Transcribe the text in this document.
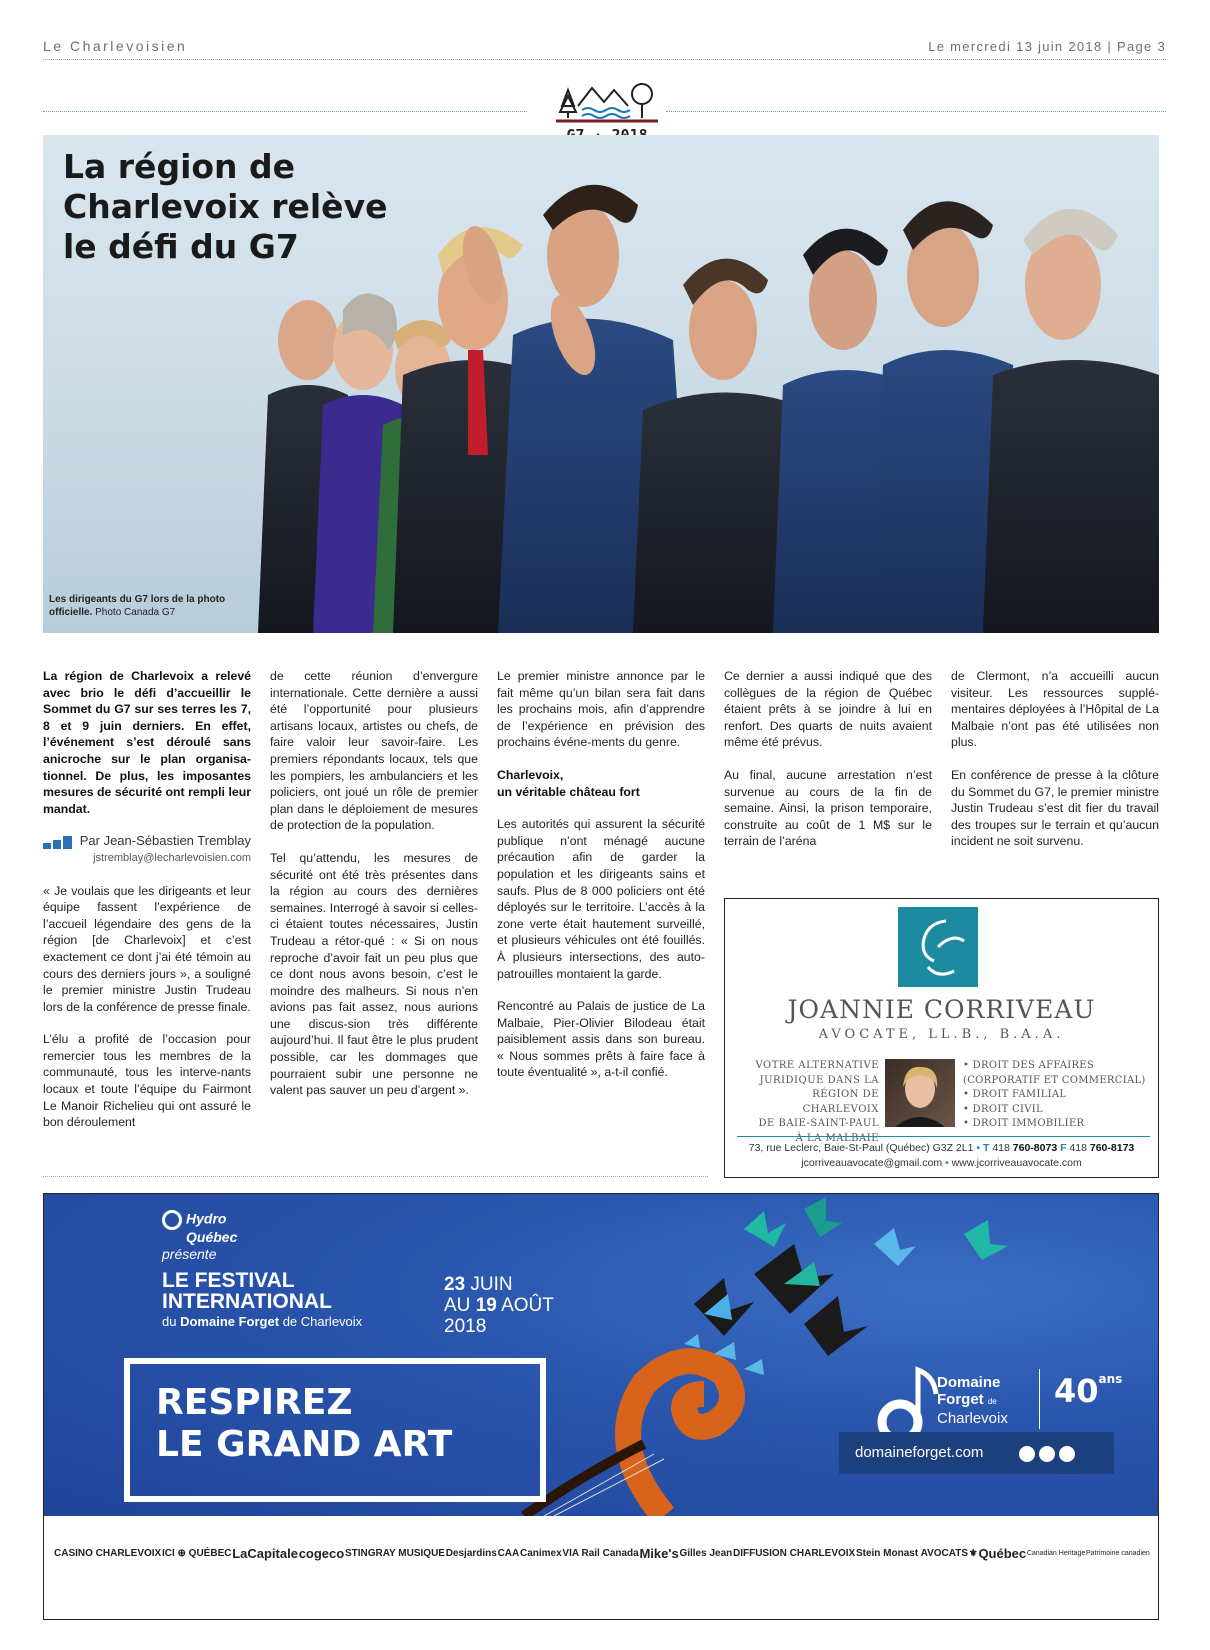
Le Charlevoisien	Le mercredi 13 juin 2018 | Page 3
La région de Charlevoix relève le défi du G7
Les dirigeants du G7 lors de la photo officielle. Photo Canada G7

La région de Charlevoix a relevé avec brio le défi d’accueillir le Sommet du G7 sur ses terres les 7, 8 et 9 juin derniers. En effet, l’événement s’est déroulé sans anicroche sur le plan organisa-tionnel. De plus, les imposantes mesures de sécurité ont rempli leur mandat.

Par Jean-Sébastien Tremblay
jstremblay@lecharlevoisien.com

« Je voulais que les dirigeants et leur équipe fassent l’expérience de l’accueil légendaire des gens de la région [de Charlevoix] et c’est exactement ce dont j’ai été témoin au cours des derniers jours », a souligné le premier ministre Justin Trudeau lors de la conférence de presse finale.

L’élu a profité de l’occasion pour remercier tous les membres de la communauté, tous les interve-nants locaux et toute l’équipe du Fairmont Le Manoir Richelieu qui ont assuré le bon déroulement

de cette réunion d’envergure internationale. Cette dernière a aussi été l’opportunité pour plusieurs artisans locaux, artistes ou chefs, de faire valoir leur savoir-faire. Les premiers répondants locaux, tels que les pompiers, les ambulanciers et les policiers, ont joué un rôle de premier plan dans le déploiement de mesures de protection de la population.

Tel qu’attendu, les mesures de sécurité ont été très présentes dans la région au cours des dernières semaines. Interrogé à savoir si celles-ci étaient toutes nécessaires, Justin Trudeau a rétor-qué : « Si on nous reproche d’avoir fait un peu plus que ce dont nous avons besoin, c’est le moindre des malheurs. Si nous n’en avions pas fait assez, nous aurions une discus-sion très différente aujourd’hui. Il faut être le plus prudent possible, car les dommages que pourraient subir une personne ne valent pas sauver un peu d’argent ».

Le premier ministre annonce par le fait même qu’un bilan sera fait dans les prochains mois, afin d’apprendre de l’expérience en prévision des prochains événe-ments du genre.

Charlevoix,
un véritable château fort

Les autorités qui assurent la sécurité publique n’ont ménagé aucune précaution afin de garder la population et les dirigeants sains et saufs. Plus de 8 000 policiers ont été déployés sur le territoire. L’accès à la zone verte était hautement surveillé, et plusieurs véhicules ont été fouillés. À plusieurs intersections, des auto-patrouilles montaient la garde.

Rencontré au Palais de justice de La Malbaie, Pier-Olivier Bilodeau était paisiblement assis dans son bureau. « Nous sommes prêts à faire face à toute éventualité », a-t-il confié.

Ce dernier a aussi indiqué que des collègues de la région de Québec étaient prêts à se joindre à lui en renfort. Des quarts de nuits avaient même été prévus.

Au final, aucune arrestation n’est survenue au cours de la fin de semaine. Ainsi, la prison temporaire, construite au coût de 1 M$ sur le terrain de l’aréna

de Clermont, n’a accueilli aucun visiteur. Les ressources supplé-mentaires déployées à l’Hôpital de La Malbaie n’ont pas été utilisées non plus.

En conférence de presse à la clôture du Sommet du G7, le premier ministre Justin Trudeau s’est dit fier du travail des troupes sur le terrain et qu’aucun incident ne soit survenu.

JOANNIE CORRIVEAU
AVOCATE, LL.B., B.A.A.
VOTRE ALTERNATIVE
JURIDIQUE DANS LA
RÉGION DE CHARLEVOIX
DE BAIE-SAINT-PAUL
À LA MALBAIE
• DROIT DES AFFAIRES
(CORPORATIF ET COMMERCIAL)
• DROIT FAMILIAL
• DROIT CIVIL
• DROIT IMMOBILIER
73, rue Leclerc, Baie-St-Paul (Québec) G3Z 2L1 • T 418 760-8073 F 418 760-8173
jcorriveauavocate@gmail.com • www.jcorriveauavocate.com
Hydro
Québec
présente
LE FESTIVAL
INTERNATIONAL
du Domaine Forget de Charlevoix
23 JUIN
AU 19 AOÛT
2018
RESPIREZ
LE GRAND ART
Domaine
Forget de
Charlevoix
$40^{ans}$
domaineforget.com
CASINO CHARLEVOIX ICI ⊕ QUÉBEC LaCapitale cogeco STINGRAY MUSIQUE Desjardins CAA Canimex VIA Rail Canada Mike's Gilles Jean DIFFUSION CHARLEVOIX Stein Monast AVOCATS ⚜ Québec Canadian Heritage Patrimoine canadien
